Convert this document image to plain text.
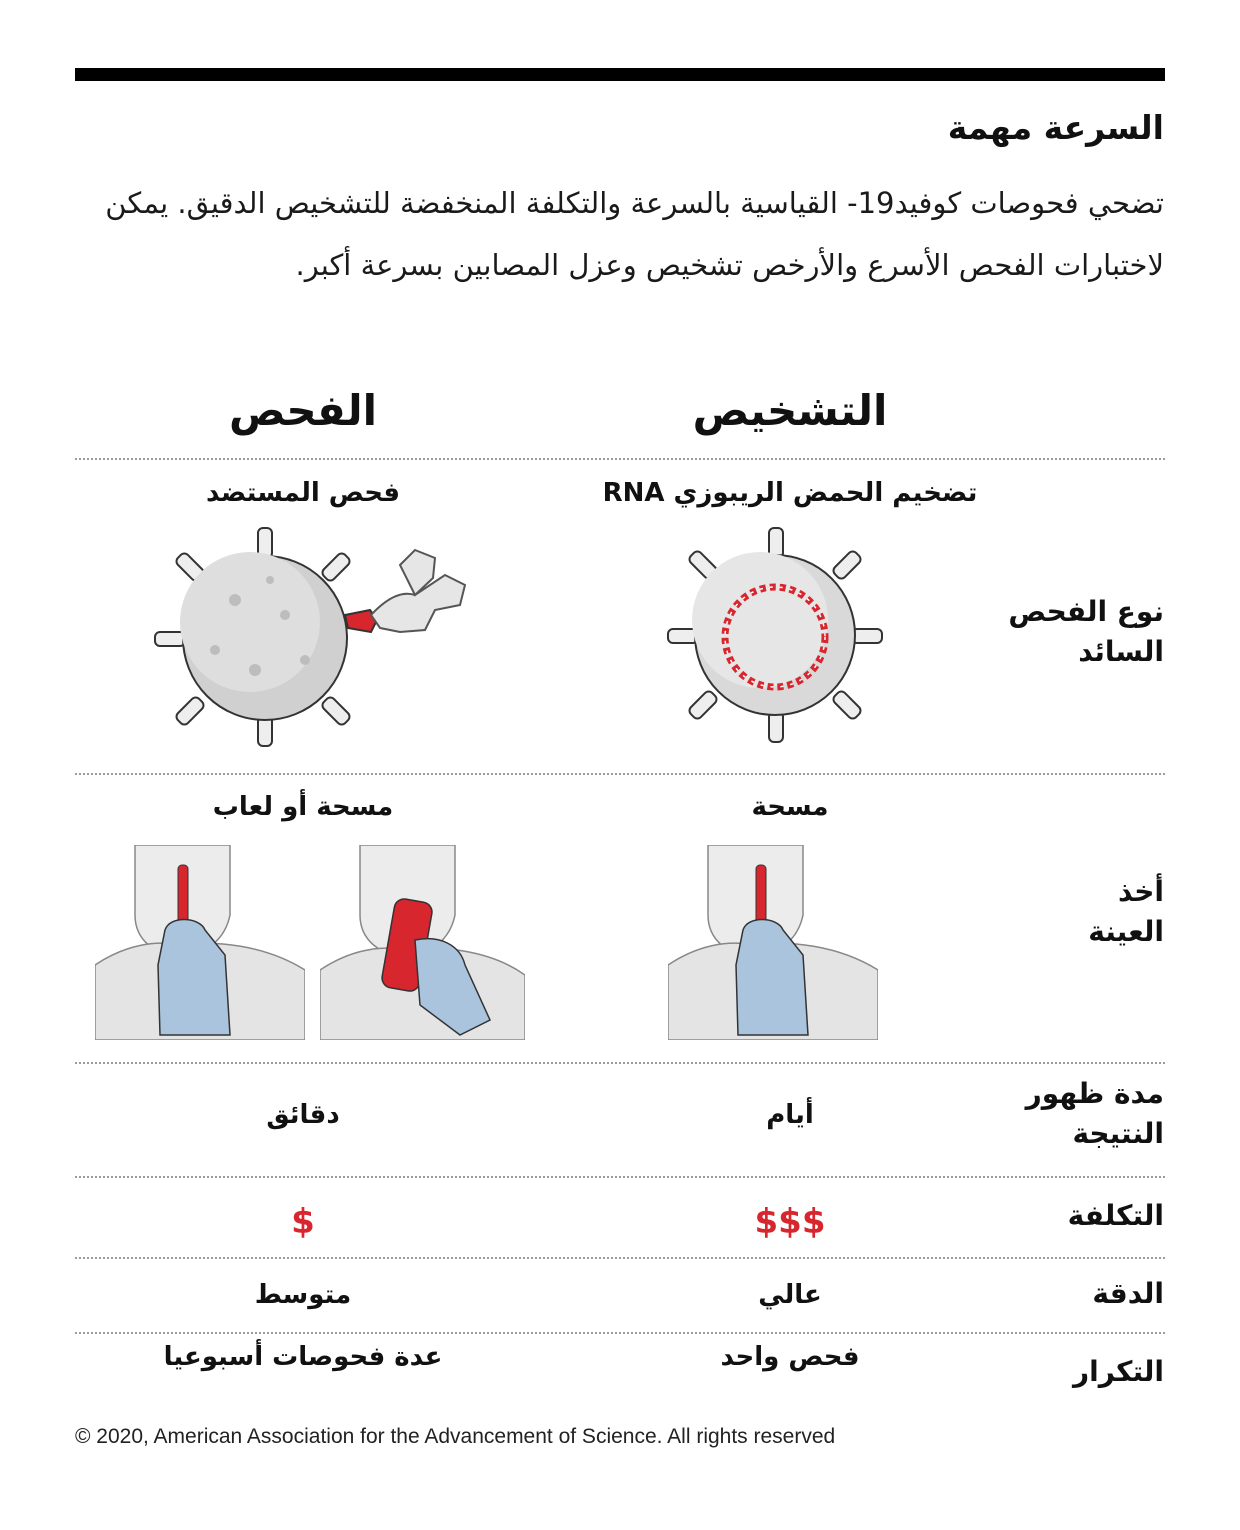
السرعة مهمة
تضحي فحوصات كوفيد19- القياسية بالسرعة والتكلفة المنخفضة للتشخيص الدقيق. يمكن لاختبارات الفحص الأسرع والأرخص تشخيص وعزل المصابين بسرعة أكبر.
التشخيص
الفحص
تضخيم الحمض الريبوزي RNA
فحص المستضد
نوع الفحص
السائد
مسحة
مسحة أو لعاب
أخذ
العينة
مدة ظهور
النتيجة
أيام
دقائق
التكلفة
$$$
$
الدقة
عالي
متوسط
التكرار
فحص واحد
عدة فحوصات أسبوعيا
© 2020, American Association for the Advancement of Science. All rights reserved
